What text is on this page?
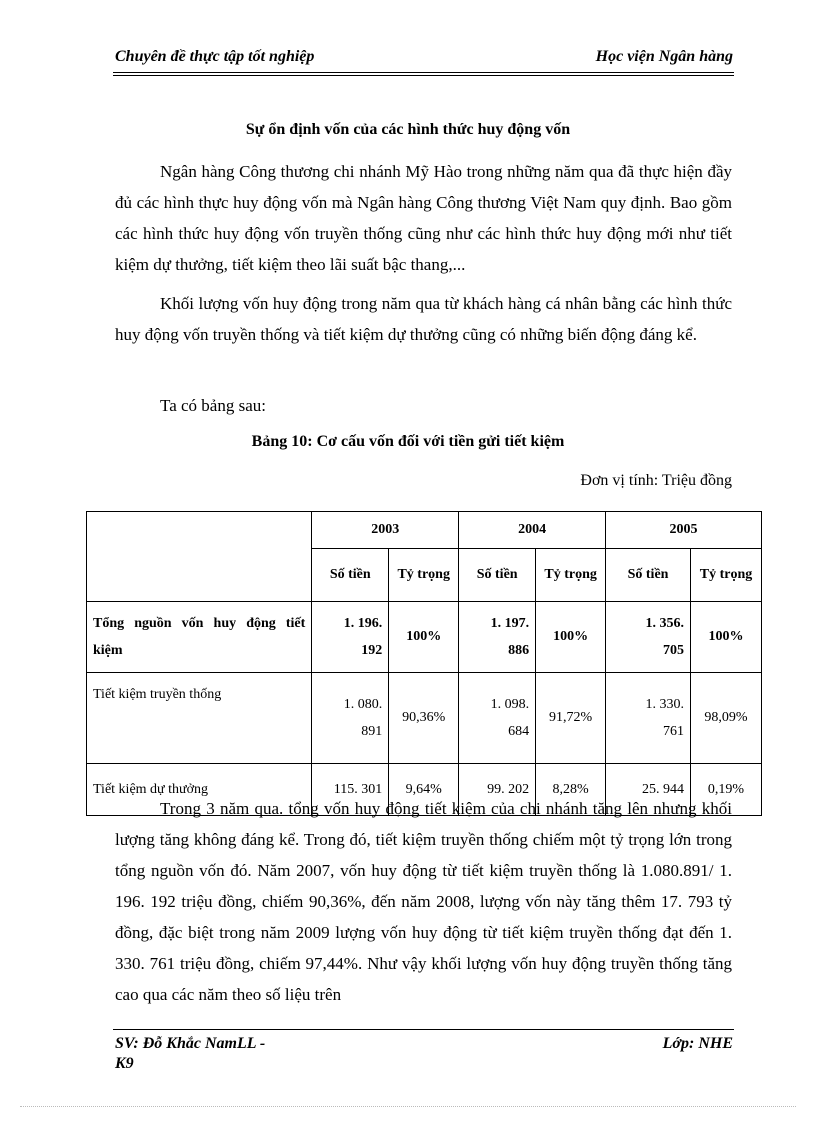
Chuyên đề thực tập tốt nghiệp	Học viện Ngân hàng
Sự ổn định vốn của các hình thức huy động vốn

Ngân hàng Công thương chi nhánh Mỹ Hào trong những năm qua đã thực hiện đầy đủ các hình thực huy động vốn mà Ngân hàng Công thương Việt Nam quy định. Bao gồm các hình thức huy động vốn truyền thống cũng như các hình thức huy động mới như tiết kiệm dự thưởng, tiết kiệm theo lãi suất bậc thang,...

Khối lượng vốn huy động trong năm qua từ khách hàng cá nhân bằng các hình thức huy động vốn truyền thống và tiết kiệm dự thưởng cũng có những biến động đáng kể.

Ta có bảng sau:

Bảng 10: Cơ cấu vốn đối với tiền gửi tiết kiệm
Đơn vị tính: Triệu đồng
	2003		2004		2005	
	Số tiền	Tỷ trọng	Số tiền	Tỷ trọng	Số tiền	Tỷ trọng
Tổng nguồn vốn huy động tiết kiệm	1. 196. 192	100%	1. 197. 886	100%	1. 356. 705	100%
Tiết kiệm truyền thống	1. 080. 891	90,36%	1. 098. 684	91,72%	1. 330. 761	98,09%
Tiết kiệm dự thưởng	115. 301	9,64%	99. 202	8,28%	25. 944	0,19%

Trong 3 năm qua. tổng vốn huy động tiết kiệm của chi nhánh tăng lên nhưng khối lượng tăng không đáng kể. Trong đó, tiết kiệm truyền thống chiếm một tỷ trọng lớn trong tổng nguồn vốn đó. Năm 2007, vốn huy động từ tiết kiệm truyền thống là 1.080.891/ 1. 196. 192 triệu đồng, chiếm 90,36%, đến năm 2008, lượng vốn này tăng thêm 17. 793 tỷ đồng, đặc biệt trong năm 2009 lượng vốn huy động từ tiết kiệm truyền thống đạt đến 1. 330. 761 triệu đồng, chiếm 97,44%. Như vậy khối lượng vốn huy động truyền thống tăng cao qua các năm theo số liệu trên

SV: Đỗ Khắc NamLL - K9
Lớp: NHE
